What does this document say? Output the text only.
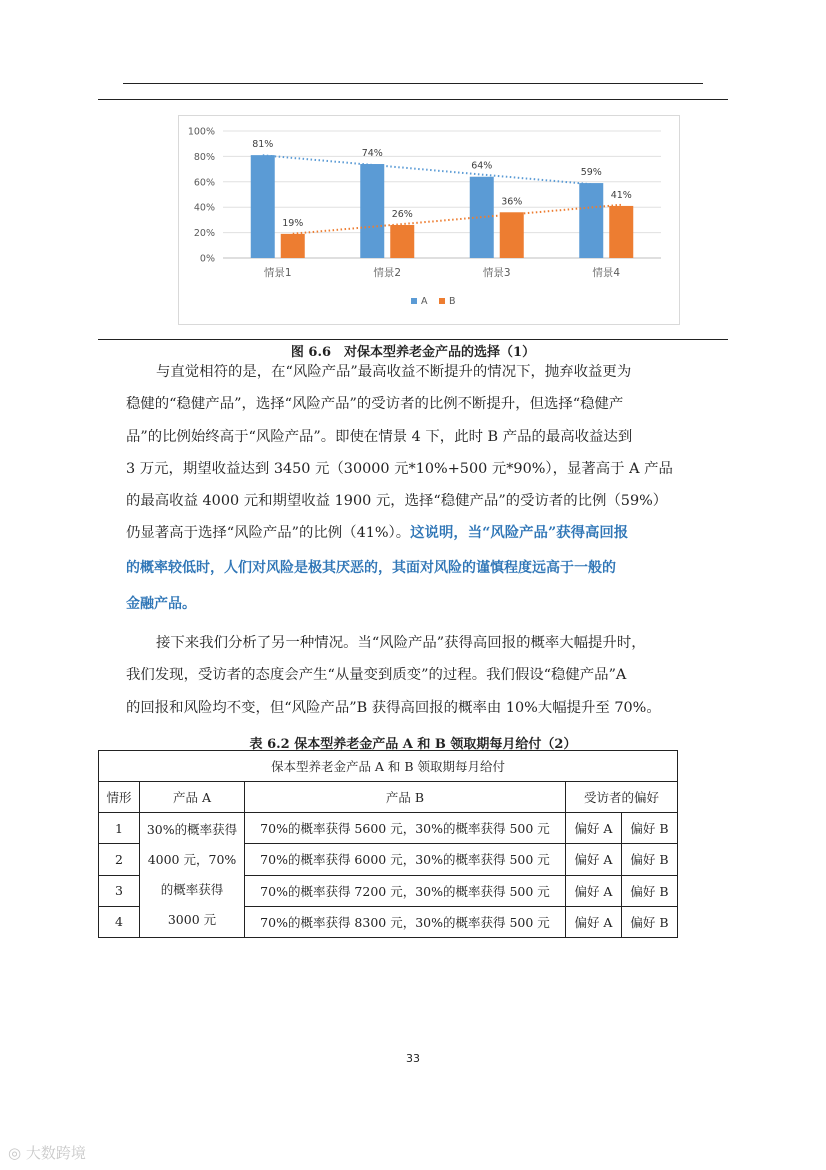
0%
20%
40%
60%
80%
100%
情景1	情景2	情景3	情景4
81%
74%
64%
59%
19%
26%
36%
41%
A B
图 6.6　对保本型养老金产品的选择（1）
与直觉相符的是，在“风险产品”最高收益不断提升的情况下，抛弃收益更为
稳健的“稳健产品”，选择“风险产品”的受访者的比例不断提升，但选择“稳健产
品”的比例始终高于“风险产品”。即使在情景 4 下，此时 B 产品的最高收益达到
3 万元，期望收益达到 3450 元（30000 元*10%+500 元*90%），显著高于 A 产品
的最高收益 4000 元和期望收益 1900 元，选择“稳健产品”的受访者的比例（59%）
仍显著高于选择“风险产品”的比例（41%）。这说明，当“风险产品”获得高回报
的概率较低时，人们对风险是极其厌恶的，其面对风险的谨慎程度远高于一般的
金融产品。
接下来我们分析了另一种情况。当“风险产品”获得高回报的概率大幅提升时，
我们发现，受访者的态度会产生“从量变到质变”的过程。我们假设“稳健产品”A
的回报和风险均不变，但“风险产品”B 获得高回报的概率由 10%大幅提升至 70%。
表 6.2 保本型养老金产品 A 和 B 领取期每月给付（2）
保本型养老金产品 A 和 B 领取期每月给付				
情形	产品 A	产品 B	受访者的偏好	
1	30%的概率获得 4000 元，70% 的概率获得 3000 元	70%的概率获得 5600 元，30%的概率获得 500 元	偏好 A	偏好 B
2		70%的概率获得 6000 元，30%的概率获得 500 元	偏好 A	偏好 B
3		70%的概率获得 7200 元，30%的概率获得 500 元	偏好 A	偏好 B
4		70%的概率获得 8300 元，30%的概率获得 500 元	偏好 A	偏好 B
33
◎ 大数跨境
